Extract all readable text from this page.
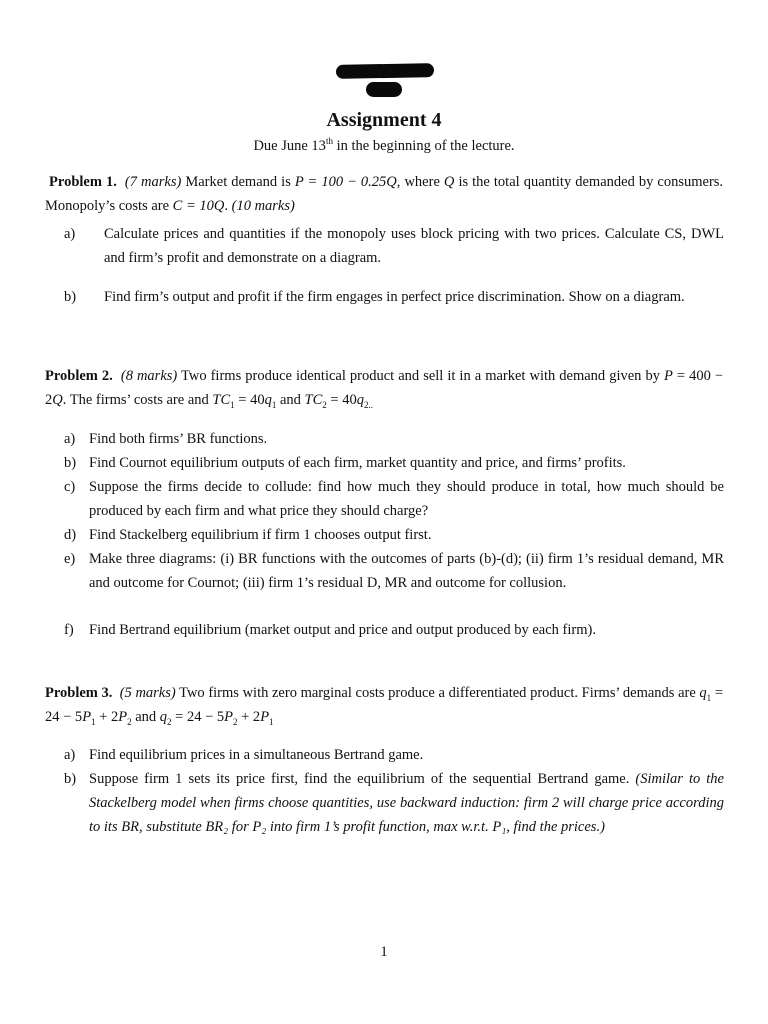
Assignment 4
Due June 13th in the beginning of the lecture.
Problem 1. (7 marks) Market demand is P = 100 − 0.25Q, where Q is the total quantity demanded by consumers. Monopoly’s costs are C = 10Q. (10 marks)
a) Calculate prices and quantities if the monopoly uses block pricing with two prices. Calculate CS, DWL and firm’s profit and demonstrate on a diagram.
b) Find firm’s output and profit if the firm engages in perfect price discrimination. Show on a diagram.
Problem 2. (8 marks) Two firms produce identical product and sell it in a market with demand given by P = 400 − 2Q. The firms’ costs are and $TC_1 = 40q_1$ and $TC_2 = 40q_{2..}$
a) Find both firms’ BR functions.
b) Find Cournot equilibrium outputs of each firm, market quantity and price, and firms’ profits.
c) Suppose the firms decide to collude: find how much they should produce in total, how much should be produced by each firm and what price they should charge?
d) Find Stackelberg equilibrium if firm 1 chooses output first.
e) Make three diagrams: (i) BR functions with the outcomes of parts (b)-(d); (ii) firm 1’s residual demand, MR and outcome for Cournot; (iii) firm 1’s residual D, MR and outcome for collusion.
f) Find Bertrand equilibrium (market output and price and output produced by each firm).
Problem 3. (5 marks) Two firms with zero marginal costs produce a differentiated product. Firms’ demands are $q_1 = 24 - 5P_1 + 2P_2$ and $q_2 = 24 - 5P_2 + 2P_1$
a) Find equilibrium prices in a simultaneous Bertrand game.
b) Suppose firm 1 sets its price first, find the equilibrium of the sequential Bertrand game. (Similar to the Stackelberg model when firms choose quantities, use backward induction: firm 2 will charge price according to its BR, substitute BR₂ for P₂ into firm 1’s profit function, max w.r.t. P₁, find the prices.)
1
